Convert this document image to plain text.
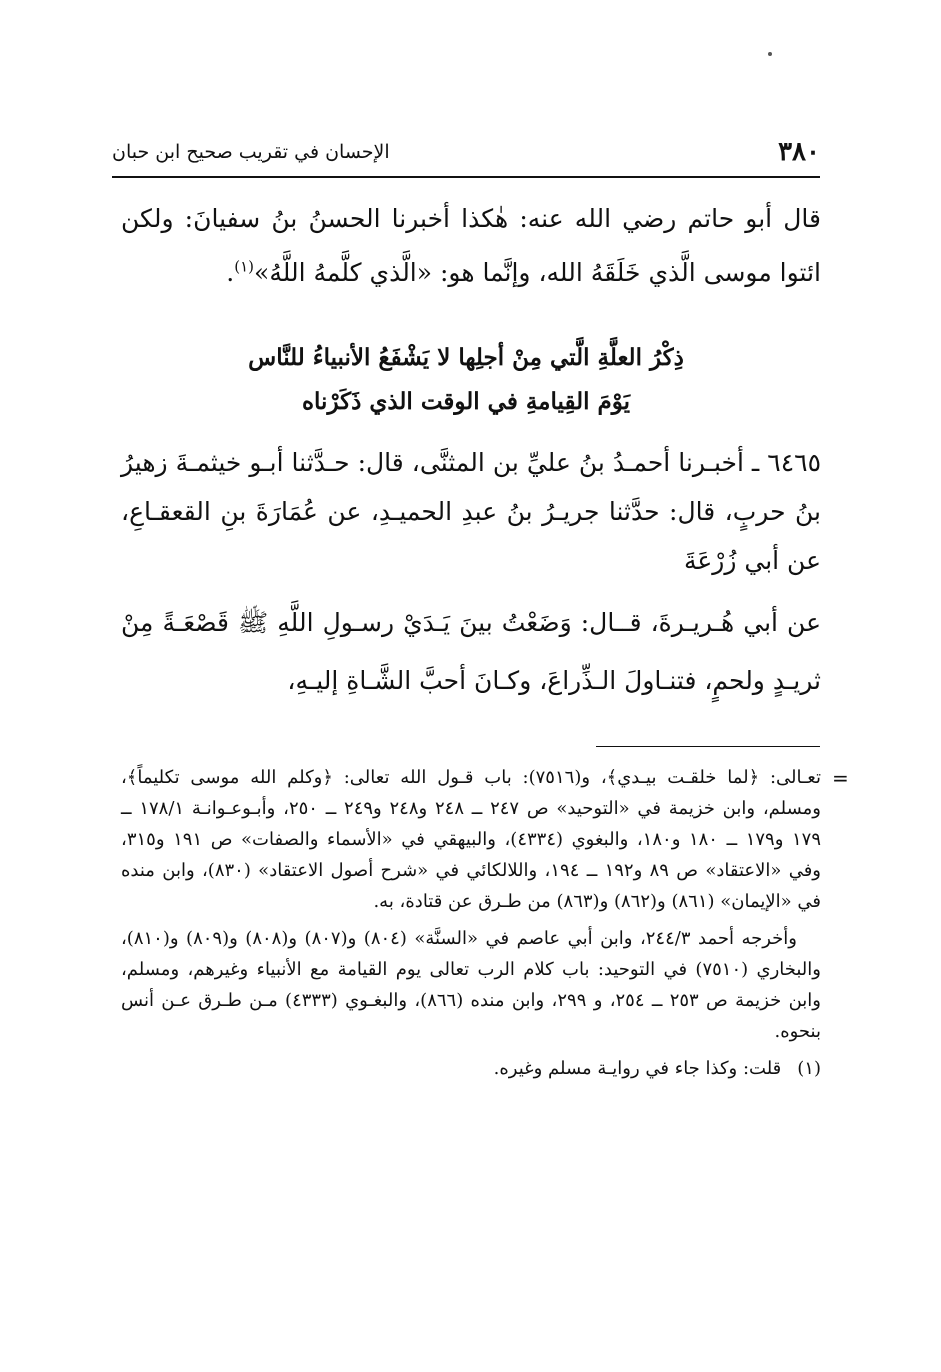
الإحسان في تقريب صحيح ابن حبان	٣٨٠
قال أبو حاتم رضي الله عنه: هٰكذا أخبرنا الحسنُ بنُ سفيانَ: ولكن ائتوا موسى الَّذي خَلَقَهُ الله، وإنَّما هو: «الَّذي كلَّمهُ اللَّهُ»$^{(١)}$.
ذِكْرُ العلَّةِ الَّتي مِنْ أجلِها لا يَشْفَعُ الأنبياءُ للنَّاس
يَوْمَ القِيامةِ في الوقت الذي ذَكَرْناه
٦٤٦٥ ـ أخبـرنا أحمـدُ بنُ عليِّ بن المثنَّى، قال: حـدَّثنا أبـو خيثمـةَ زهيرُ بنُ حربٍ، قال: حدَّثنا جريـرُ بنُ عبدِ الحميـدِ، عن عُمَارَةَ بنِ القعقـاعِ، عن أبي زُرْعَةَ
عن أبي هُـريـرةَ، قــال: وَضَعْتُ بينَ يَـدَيْ رسـولِ اللَّهِ ﷺ قَصْعَـةً مِنْ ثريـدٍ ولحمٍ، فتنـاولَ الـذِّراعَ، وكـانَ أحبَّ الشَّـاةِ إليـهِ،
=
تعـالى: ﴿لما خلقـت بيـدي﴾، و(٧٥١٦): باب قـول الله تعالى: ﴿وكلم الله موسى تكليماً﴾، ومسلم، وابن خزيمة في «التوحيد» ص ٢٤٧ ــ ٢٤٨ و٢٤٨ و٢٤٩ ــ ٢٥٠، وأبـوعـوانـة ١٧٨/١ ــ ١٧٩ و١٧٩ ــ ١٨٠ و١٨٠، والبغوي (٤٣٣٤)، والبيهقي في «الأسماء والصفات» ص ١٩١ و٣١٥، وفي «الاعتقاد» ص ٨٩ و١٩٢ ــ ١٩٤، واللالكائي في «شرح أصول الاعتقاد» (٨٣٠)، وابن منده في «الإيمان» (٨٦١) و(٨٦٢) و(٨٦٣) من طـرق عن قتادة، به.
وأخرجه أحمد ٢٤٤/٣، وابن أبي عاصم في «السنَّة» (٨٠٤) و(٨٠٧) و(٨٠٨) و(٨٠٩) و(٨١٠)، والبخاري (٧٥١٠) في التوحيد: باب كلام الرب تعالى يوم القيامة مع الأنبياء وغيرهم، ومسلم، وابن خزيمة ص ٢٥٣ ــ ٢٥٤، و ٢٩٩، وابن منده (٨٦٦)، والبغـوي (٤٣٣٣) مـن طـرق عـن أنس بنحوه.
(١)
قلت: وكذا جاء في روايـة مسلم وغيره.
